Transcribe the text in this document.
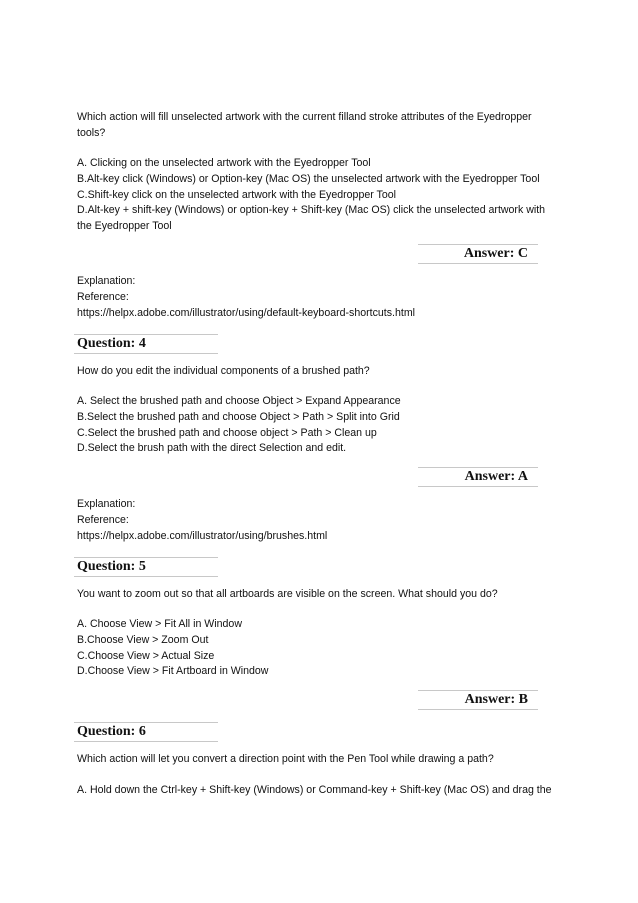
Which action will fill unselected artwork with the current filland stroke attributes of the Eyedropper
tools?
A. Clicking on the unselected artwork with the Eyedropper Tool
B.Alt-key click (Windows) or Option-key (Mac OS) the unselected artwork with the Eyedropper Tool
C.Shift-key click on the unselected artwork with the Eyedropper Tool
D.Alt-key + shift-key (Windows) or option-key + Shift-key (Mac OS) click the unselected artwork with
the Eyedropper Tool
Answer: C
Explanation:
Reference:
https://helpx.adobe.com/illustrator/using/default-keyboard-shortcuts.html
Question: 4
How do you edit the individual components of a brushed path?
A. Select the brushed path and choose Object > Expand Appearance
B.Select the brushed path and choose Object > Path > Split into Grid
C.Select the brushed path and choose object > Path > Clean up
D.Select the brush path with the direct Selection and edit.
Answer: A
Explanation:
Reference:
https://helpx.adobe.com/illustrator/using/brushes.html
Question: 5
You want to zoom out so that all artboards are visible on the screen. What should you do?
A. Choose View > Fit All in Window
B.Choose View > Zoom Out
C.Choose View > Actual Size
D.Choose View > Fit Artboard in Window
Answer: B
Question: 6
Which action will let you convert a direction point with the Pen Tool while drawing a path?
A. Hold down the Ctrl-key + Shift-key (Windows) or Command-key + Shift-key (Mac OS) and drag the
